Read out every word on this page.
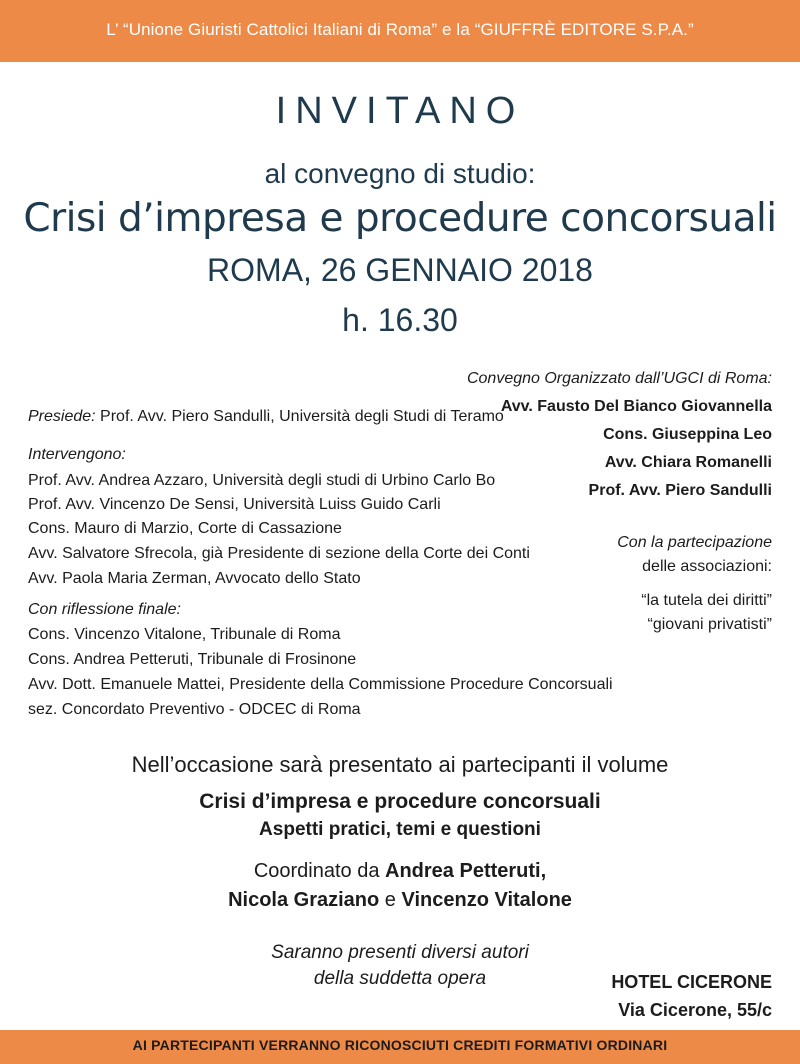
L’ “Unione Giuristi Cattolici Italiani di Roma” e la “GIUFFRÈ EDITORE S.P.A.”
INVITANO
al convegno di studio:
Crisi d’impresa e procedure concorsuali
ROMA, 26 GENNAIO 2018
h. 16.30
Convegno Organizzato dall’UGCI di Roma:
Avv. Fausto Del Bianco Giovannella
Cons. Giuseppina Leo
Avv. Chiara Romanelli
Prof. Avv. Piero Sandulli
Con la partecipazione
delle associazioni:
“la tutela dei diritti”
“giovani privatisti”
Presiede: Prof. Avv. Piero Sandulli, Università degli Studi di Teramo
Intervengono:
Prof. Avv. Andrea Azzaro, Università degli studi di Urbino Carlo Bo
Prof. Avv. Vincenzo De Sensi, Università Luiss Guido Carli
Cons. Mauro di Marzio, Corte di Cassazione
Avv. Salvatore Sfrecola, già Presidente di sezione della Corte dei Conti
Avv. Paola Maria Zerman, Avvocato dello Stato
Con riflessione finale:
Cons. Vincenzo Vitalone, Tribunale di Roma
Cons. Andrea Petteruti, Tribunale di Frosinone
Avv. Dott. Emanuele Mattei, Presidente della Commissione Procedure Concorsuali
sez. Concordato Preventivo - ODCEC di Roma
Nell’occasione sarà presentato ai partecipanti il volume
Crisi d’impresa e procedure concorsuali
Aspetti pratici, temi e questioni
Coordinato da Andrea Petteruti,
Nicola Graziano e Vincenzo Vitalone
Saranno presenti diversi autori
della suddetta opera	HOTEL CICERONE
Via Cicerone, 55/c
AI PARTECIPANTI VERRANNO RICONOSCIUTI CREDITI FORMATIVI ORDINARI
